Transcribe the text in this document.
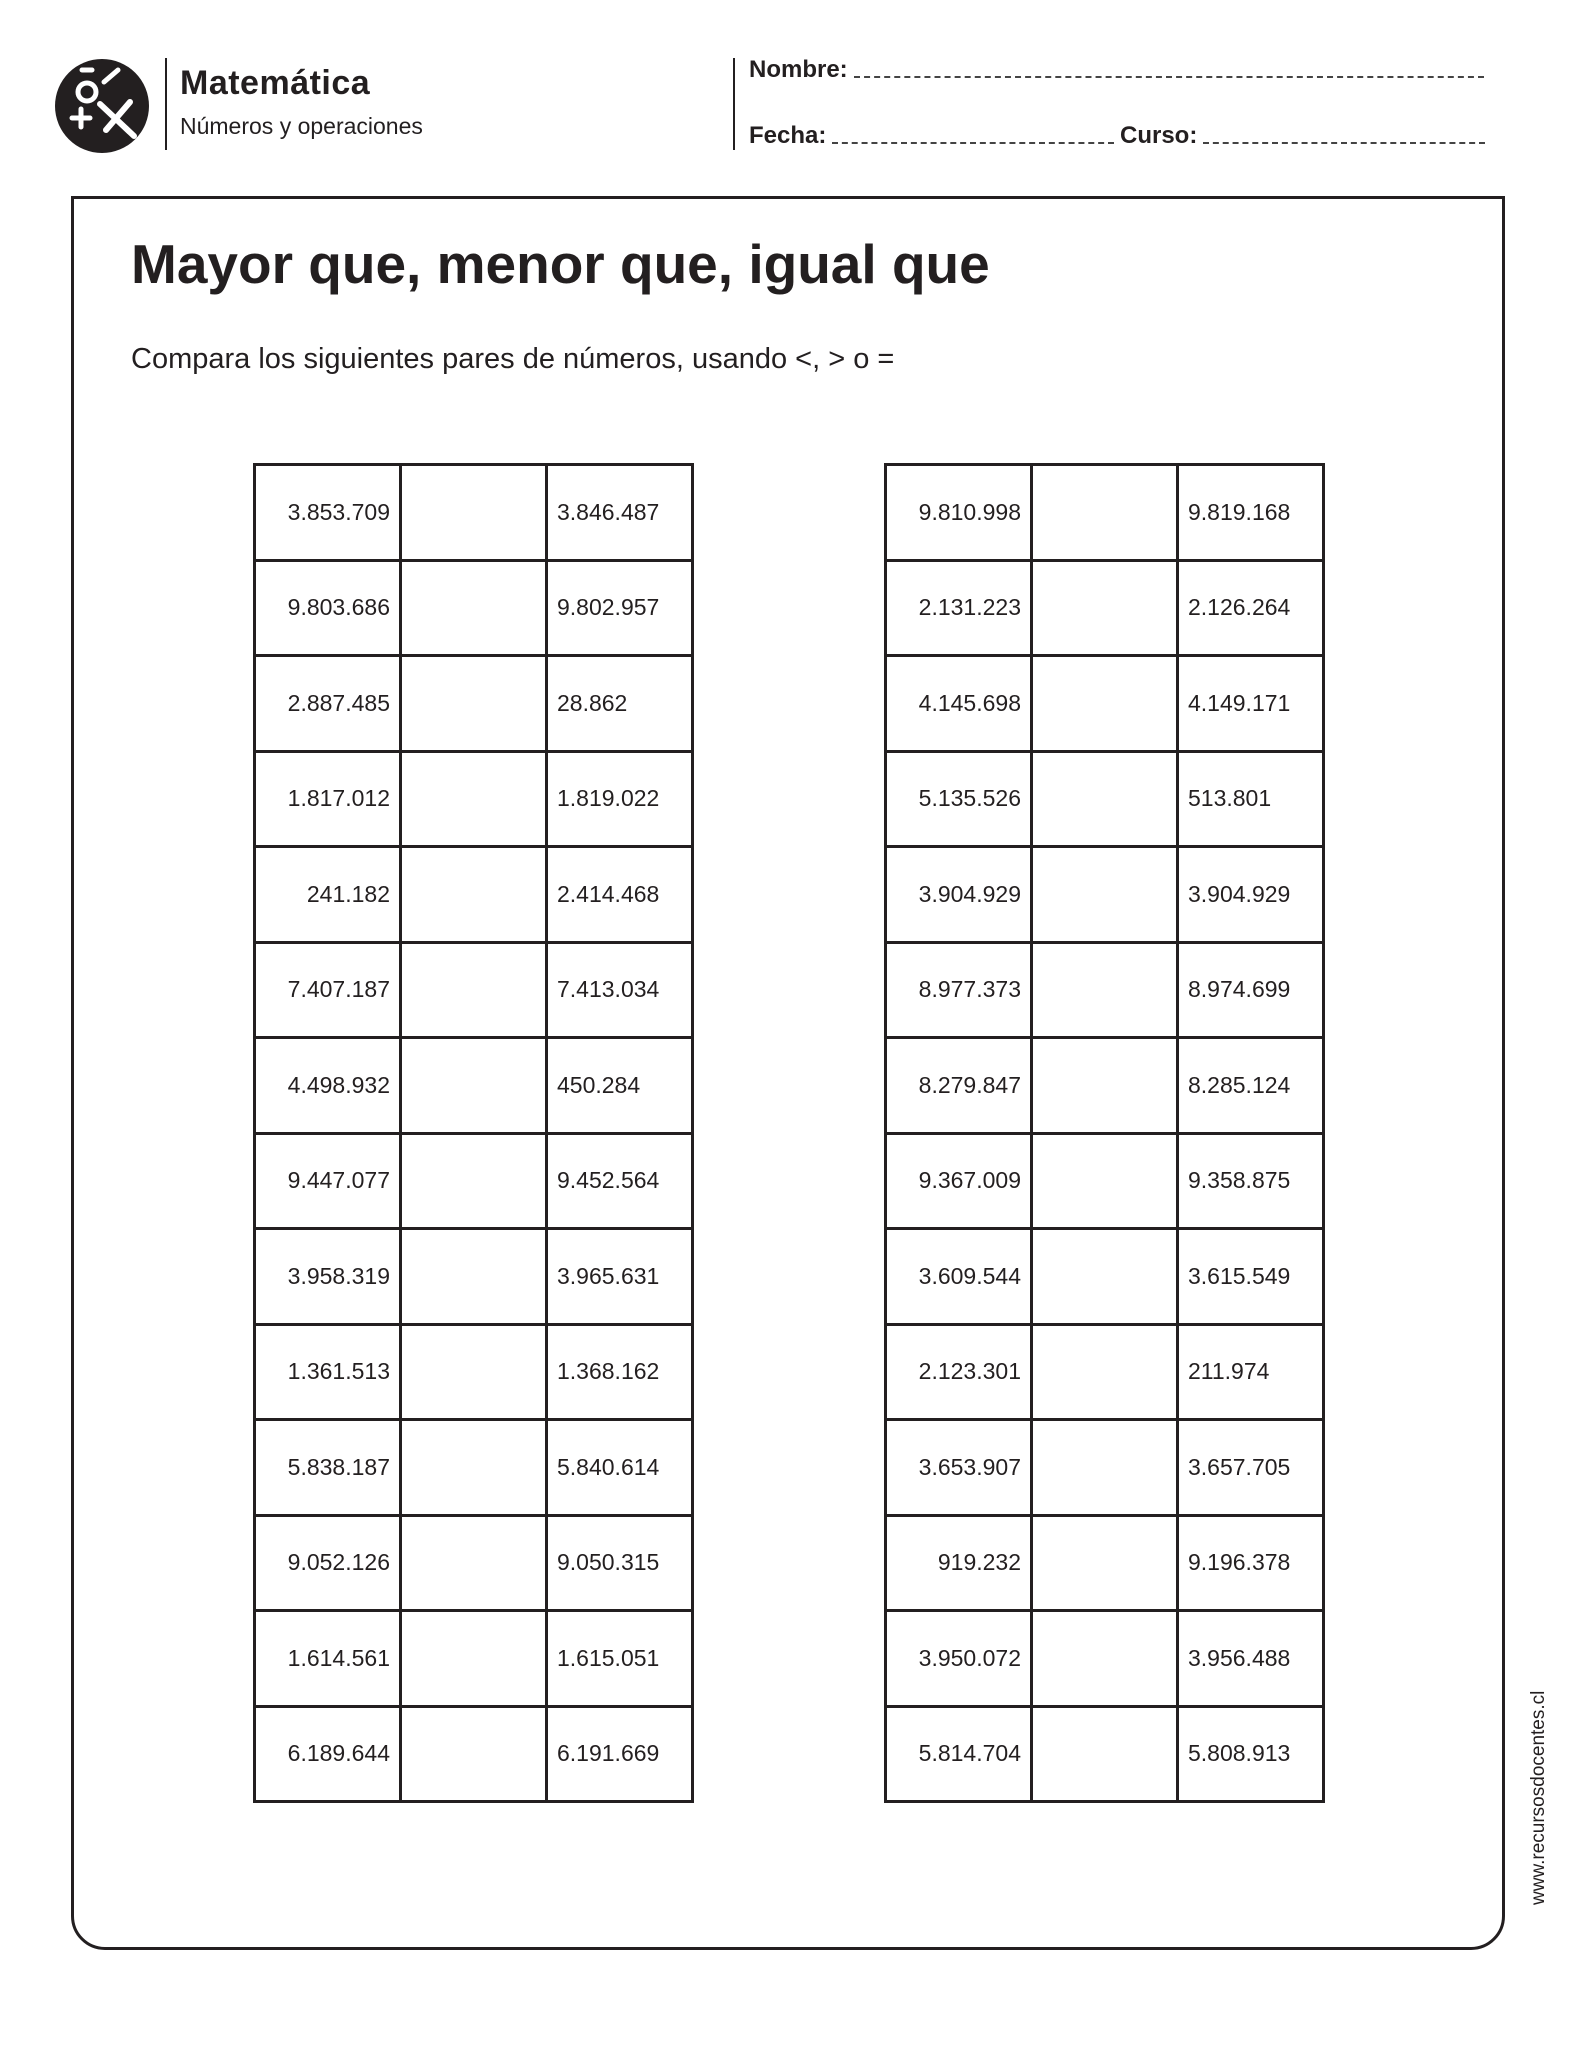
Matemática
Números y operaciones
Nombre:
Fecha:	Curso:
Mayor que, menor que, igual que
Compara los siguientes pares de números, usando <, > o =
3.853.709		3.846.487
9.803.686		9.802.957
2.887.485		28.862
1.817.012		1.819.022
241.182		2.414.468
7.407.187		7.413.034
4.498.932		450.284
9.447.077		9.452.564
3.958.319		3.965.631
1.361.513		1.368.162
5.838.187		5.840.614
9.052.126		9.050.315
1.614.561		1.615.051
6.189.644		6.191.669
9.810.998		9.819.168
2.131.223		2.126.264
4.145.698		4.149.171
5.135.526		513.801
3.904.929		3.904.929
8.977.373		8.974.699
8.279.847		8.285.124
9.367.009		9.358.875
3.609.544		3.615.549
2.123.301		211.974
3.653.907		3.657.705
919.232		9.196.378
3.950.072		3.956.488
5.814.704		5.808.913	www.recursosdocentes.cl
